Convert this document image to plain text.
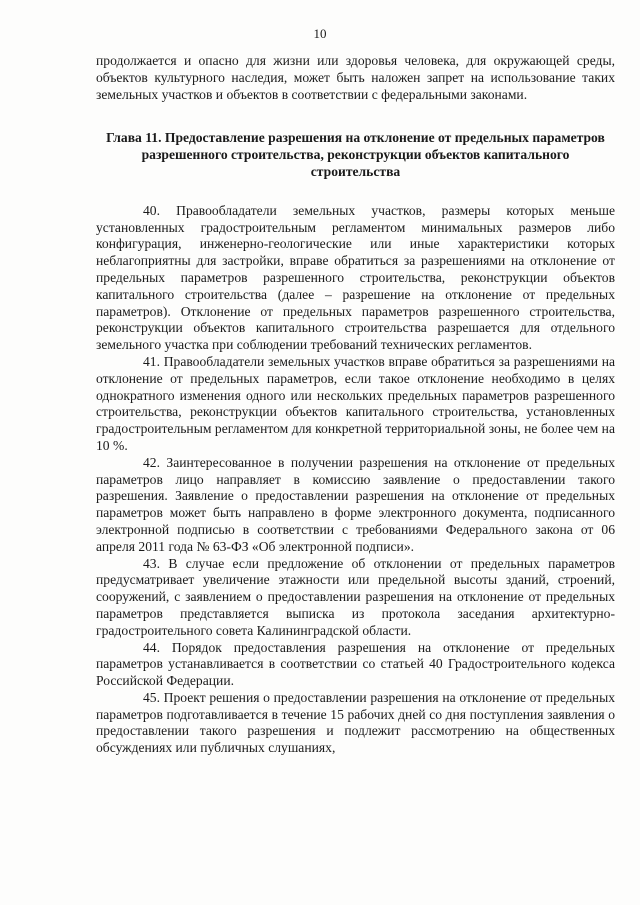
10

продолжается и опасно для жизни или здоровья человека, для окружающей среды, объектов культурного наследия, может быть наложен запрет на использование таких земельных участков и объектов в соответствии с федеральными законами.

Глава 11. Предоставление разрешения на отклонение от предельных параметров разрешенного строительства, реконструкции объектов капитального строительства

40. Правообладатели земельных участков, размеры которых меньше установленных градостроительным регламентом минимальных размеров либо конфигурация, инженерно-геологические или иные характеристики которых неблагоприятны для застройки, вправе обратиться за разрешениями на отклонение от предельных параметров разрешенного строительства, реконструкции объектов капитального строительства (далее – разрешение на отклонение от предельных параметров). Отклонение от предельных параметров разрешенного строительства, реконструкции объектов капитального строительства разрешается для отдельного земельного участка при соблюдении требований технических регламентов.

41. Правообладатели земельных участков вправе обратиться за разрешениями на отклонение от предельных параметров, если такое отклонение необходимо в целях однократного изменения одного или нескольких предельных параметров разрешенного строительства, реконструкции объектов капитального строительства, установленных градостроительным регламентом для конкретной территориальной зоны, не более чем на 10 %.

42. Заинтересованное в получении разрешения на отклонение от предельных параметров лицо направляет в комиссию заявление о предоставлении такого разрешения. Заявление о предоставлении разрешения на отклонение от предельных параметров может быть направлено в форме электронного документа, подписанного электронной подписью в соответствии с требованиями Федерального закона от 06 апреля 2011 года № 63-ФЗ «Об электронной подписи».

43. В случае если предложение об отклонении от предельных параметров предусматривает увеличение этажности или предельной высоты зданий, строений, сооружений, с заявлением о предоставлении разрешения на отклонение от предельных параметров представляется выписка из протокола заседания архитектурно-градостроительного совета Калининградской области.

44. Порядок предоставления разрешения на отклонение от предельных параметров устанавливается в соответствии со статьей 40 Градостроительного кодекса Российской Федерации.

45. Проект решения о предоставлении разрешения на отклонение от предельных параметров подготавливается в течение 15 рабочих дней со дня поступления заявления о предоставлении такого разрешения и подлежит рассмотрению на общественных обсуждениях или публичных слушаниях,
